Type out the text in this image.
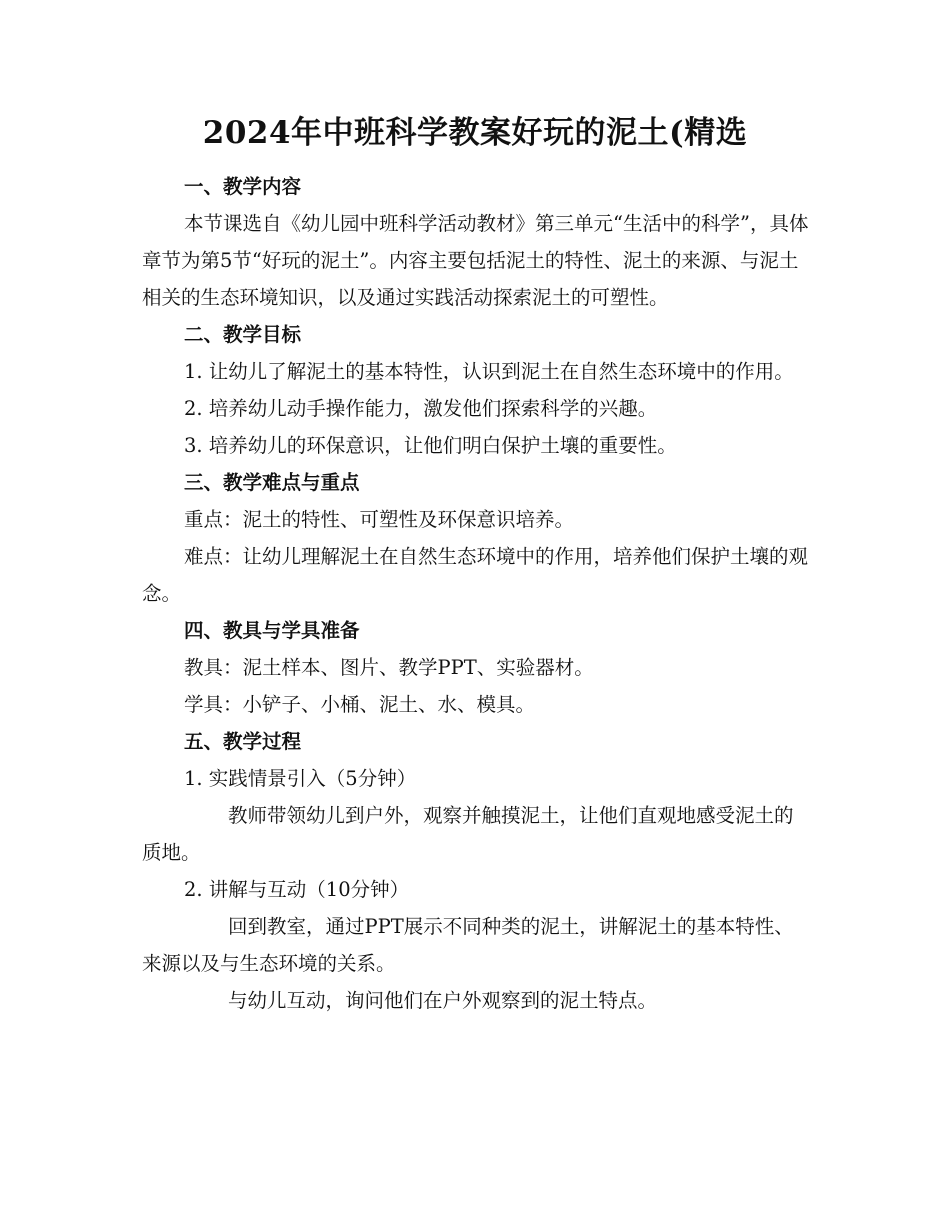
2024年中班科学教案好玩的泥土(精选

一、教学内容

本节课选自《幼儿园中班科学活动教材》第三单元“生活中的科学”，具体章节为第5节“好玩的泥土”。内容主要包括泥土的特性、泥土的来源、与泥土相关的生态环境知识，以及通过实践活动探索泥土的可塑性。

二、教学目标

1. 让幼儿了解泥土的基本特性，认识到泥土在自然生态环境中的作用。

2. 培养幼儿动手操作能力，激发他们探索科学的兴趣。

3. 培养幼儿的环保意识，让他们明白保护土壤的重要性。

三、教学难点与重点

重点：泥土的特性、可塑性及环保意识培养。

难点：让幼儿理解泥土在自然生态环境中的作用，培养他们保护土壤的观念。

四、教具与学具准备

教具：泥土样本、图片、教学PPT、实验器材。

学具：小铲子、小桶、泥土、水、模具。

五、教学过程

1. 实践情景引入（5分钟）

教师带领幼儿到户外，观察并触摸泥土，让他们直观地感受泥土的质地。

2. 讲解与互动（10分钟）

回到教室，通过PPT展示不同种类的泥土，讲解泥土的基本特性、来源以及与生态环境的关系。

与幼儿互动，询问他们在户外观察到的泥土特点。
